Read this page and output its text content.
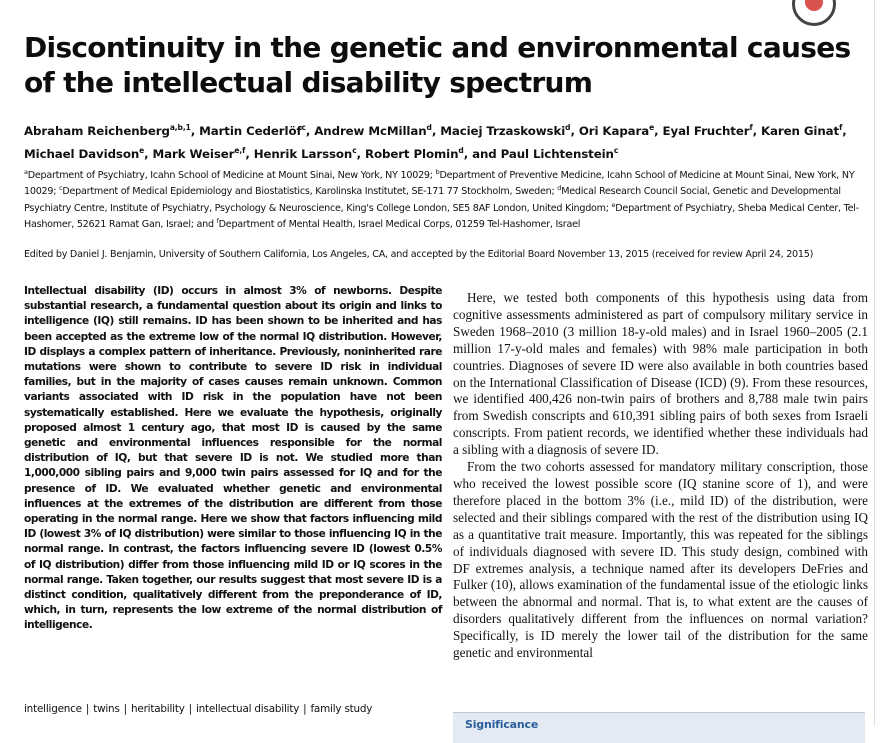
Discontinuity in the genetic and environmental causes of the intellectual disability spectrum

Abraham Reichenberg$^{a,b,1}$, Martin Cederlöf$^c$, Andrew McMillan$^d$, Maciej Trzaskowski$^d$, Ori Kapara$^e$, Eyal Fruchter$^f$, Karen Ginat$^f$, Michael Davidson$^e$, Mark Weiser$^{e,f}$, Henrik Larsson$^c$, Robert Plomin$^d$, and Paul Lichtenstein$^c$

$^a$Department of Psychiatry, Icahn School of Medicine at Mount Sinai, New York, NY 10029; $^b$Department of Preventive Medicine, Icahn School of Medicine at Mount Sinai, New York, NY 10029; $^c$Department of Medical Epidemiology and Biostatistics, Karolinska Institutet, SE-171 77 Stockholm, Sweden; $^d$Medical Research Council Social, Genetic and Developmental Psychiatry Centre, Institute of Psychiatry, Psychology & Neuroscience, King's College London, SE5 8AF London, United Kingdom; $^e$Department of Psychiatry, Sheba Medical Center, Tel-Hashomer, 52621 Ramat Gan, Israel; and $^f$Department of Mental Health, Israel Medical Corps, 01259 Tel-Hashomer, Israel

Edited by Daniel J. Benjamin, University of Southern California, Los Angeles, CA, and accepted by the Editorial Board November 13, 2015 (received for review April 24, 2015)

Intellectual disability (ID) occurs in almost 3% of newborns. Despite substantial research, a fundamental question about its origin and links to intelligence (IQ) still remains. ID has been shown to be inherited and has been accepted as the extreme low of the normal IQ distribution. However, ID displays a complex pattern of inheritance. Previously, noninherited rare mutations were shown to contribute to severe ID risk in individual families, but in the majority of cases causes remain unknown. Common variants associated with ID risk in the population have not been systematically established. Here we evaluate the hypothesis, originally proposed almost 1 century ago, that most ID is caused by the same genetic and environmental influences responsible for the normal distribution of IQ, but that severe ID is not. We studied more than 1,000,000 sibling pairs and 9,000 twin pairs assessed for IQ and for the presence of ID. We evaluated whether genetic and environmental influences at the extremes of the distribution are different from those operating in the normal range. Here we show that factors influencing mild ID (lowest 3% of IQ distribution) were similar to those influencing IQ in the normal range. In contrast, the factors influencing severe ID (lowest 0.5% of IQ distribution) differ from those influencing mild ID or IQ scores in the normal range. Taken together, our results suggest that most severe ID is a distinct condition, qualitatively different from the preponderance of ID, which, in turn, represents the low extreme of the normal distribution of intelligence.

intelligence | twins | heritability | intellectual disability | family study

Here, we tested both components of this hypothesis using data from cognitive assessments administered as part of compulsory military service in Sweden 1968–2010 (3 million 18-y-old males) and in Israel 1960–2005 (2.1 million 17-y-old males and females) with 98% male participation in both countries. Diagnoses of severe ID were also available in both countries based on the International Classification of Disease (ICD) (9). From these resources, we identified 400,426 non-twin pairs of brothers and 8,788 male twin pairs from Swedish conscripts and 610,391 sibling pairs of both sexes from Israeli conscripts. From patient records, we identified whether these individuals had a sibling with a diagnosis of severe ID.

From the two cohorts assessed for mandatory military conscription, those who received the lowest possible score (IQ stanine score of 1), and were therefore placed in the bottom 3% (i.e., mild ID) of the distribution, were selected and their siblings compared with the rest of the distribution using IQ as a quantitative trait measure. Importantly, this was repeated for the siblings of individuals diagnosed with severe ID. This study design, combined with DF extremes analysis, a technique named after its developers DeFries and Fulker (10), allows examination of the fundamental issue of the etiologic links between the abnormal and normal. That is, to what extent are the causes of disorders qualitatively different from the influences on normal variation? Specifically, is ID merely the lower tail of the distribution for the same genetic and environmental

Significance
